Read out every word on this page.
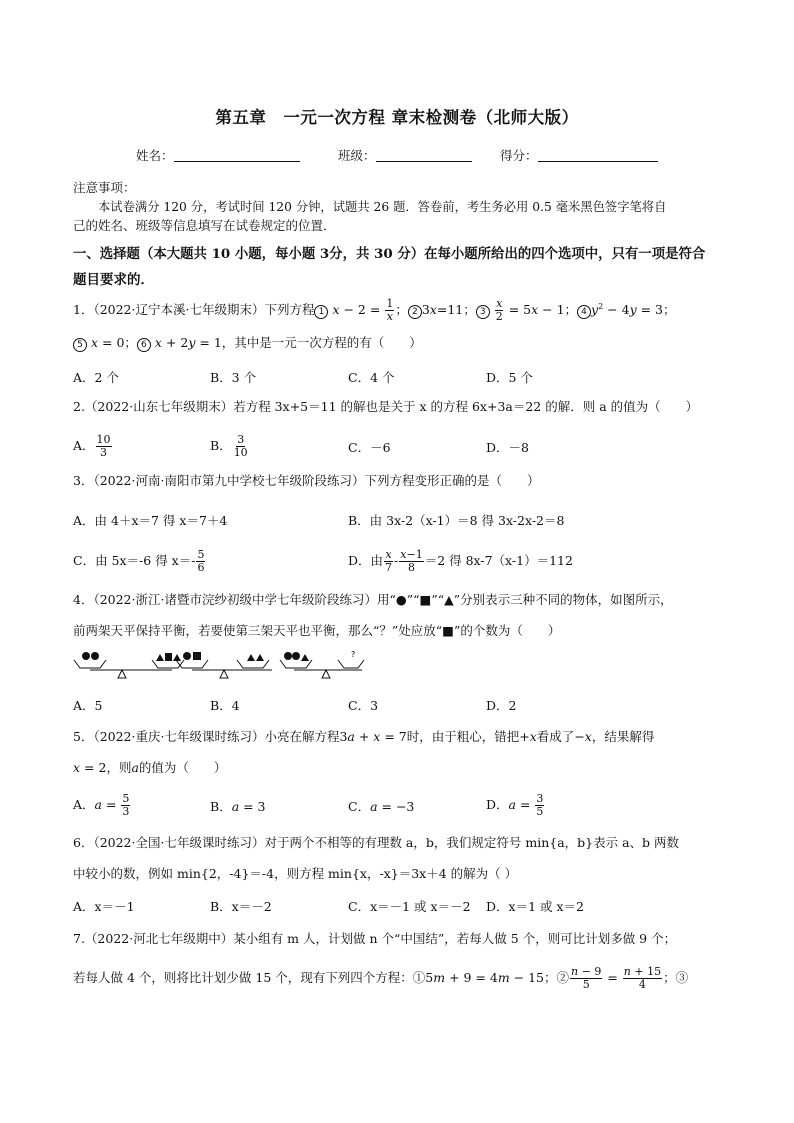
第五章　一元一次方程 章末检测卷（北师大版）
姓名：	班级：	得分：
注意事项：
本试卷满分 120 分，考试时间 120 分钟，试题共 26 题．答卷前，考生务必用 0.5 毫米黑色签字笔将自
己的姓名、班级等信息填写在试卷规定的位置．
一、选择题（本大题共 10 小题，每小题 3分，共 30 分）在每小题所给出的四个选项中，只有一项是符合
题目要求的．
1．（2022·辽宁本溪·七年级期末）下列方程 1 $x - 2 = \frac{1}{x}$ ； 2 3x=11； $3 \frac{x}{2} = 5x - 1$； 4 $y^2 - 4y = 3$；
5 x = 0； 6 x + 2y = 1，其中是一元一次方程的有（　　）
A．2 个	B．3 个	C．4 个	D．5 个
2.（2022·山东七年级期末）若方程 3x+5＝11 的解也是关于 x 的方程 6x+3a＝22 的解．则 a 的值为（　　）
A． $\frac{10}{3}$	B． $\frac{3}{10}$	C．－6	D．－8
3．（2022·河南·南阳市第九中学校七年级阶段练习）下列方程变形正确的是（　　）
A．由 4＋x＝7 得 x＝7＋4	B．由 3x-2（x-1）＝8 得 3x-2x-2＝8
C．由 5x＝-6 得 $x=- \frac{5}{6}$	D．由 $\frac{x}{7} - \frac{x-1}{8} =2$ 得 8x-7（x-1）＝112
4．（2022·浙江·诸暨市浣纱初级中学七年级阶段练习）用“●”“■”“▲”分别表示三种不同的物体，如图所示，
前两架天平保持平衡，若要使第三架天平也平衡，那么“？”处应放“■”的个数为（　　）
?
A．5	B．4	C．3	D．2
5．（2022·重庆·七年级课时练习）小亮在解方程3a + x = 7时，由于粗心，错把+x看成了−x，结果解得
x = 2，则a的值为（　　）
A．$a = \frac{5}{3}$	B．a = 3	C．a = −3	D．$a = \frac{3}{5}$
6．（2022·全国·七年级课时练习）对于两个不相等的有理数 a，b，我们规定符号 min{a，b}表示 a、b 两数
中较小的数，例如 min{2，-4}＝-4，则方程 min{x，-x}＝3x＋4 的解为（ ）
A．x＝－1	B．x＝－2	C．x＝－1 或 x＝－2 D．x＝1 或 x＝2
7.（2022·河北七年级期中）某小组有 m 人，计划做 n 个“中国结”，若每人做 5 个，则可比计划多做 9 个；
若每人做 4 个，则将比计划少做 15 个，现有下列四个方程：①5m + 9 = 4m − 15；② $\frac{n - 9}{5} = \frac{n + 15}{4}$ ；③
